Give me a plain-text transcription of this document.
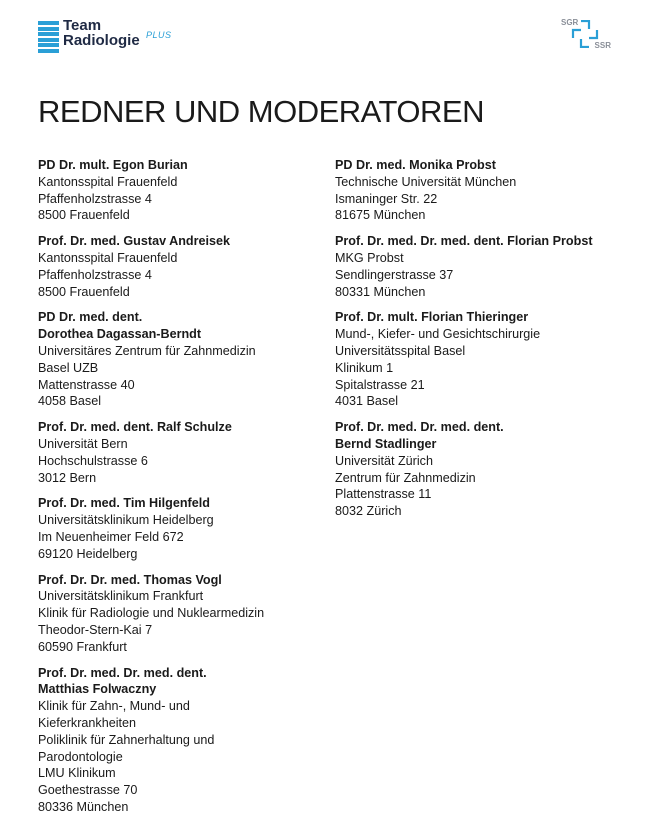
Team
Radiologie PLUS
SGR
SSR
REDNER UND MODERATOREN
PD Dr. mult. Egon Burian
Kantonsspital Frauenfeld
Pfaffenholzstrasse 4
8500 Frauenfeld
Prof. Dr. med. Gustav Andreisek
Kantonsspital Frauenfeld
Pfaffenholzstrasse 4
8500 Frauenfeld
PD Dr. med. dent.
Dorothea Dagassan-Berndt
Universitäres Zentrum für Zahnmedizin
Basel UZB
Mattenstrasse 40
4058 Basel
Prof. Dr. med. dent. Ralf Schulze
Universität Bern
Hochschulstrasse 6
3012 Bern
Prof. Dr. med. Tim Hilgenfeld
Universitätsklinikum Heidelberg
Im Neuenheimer Feld 672
69120 Heidelberg
Prof. Dr. Dr. med. Thomas Vogl
Universitätsklinikum Frankfurt
Klinik für Radiologie und Nuklearmedizin
Theodor-Stern-Kai 7
60590 Frankfurt
Prof. Dr. med. Dr. med. dent.
Matthias Folwaczny
Klinik für Zahn-, Mund- und
Kieferkrankheiten
Poliklinik für Zahnerhaltung und
Parodontologie
LMU Klinikum
Goethestrasse 70
80336 München
PD Dr. med. Monika Probst
Technische Universität München
Ismaninger Str. 22
81675 München
Prof. Dr. med. Dr. med. dent. Florian Probst
MKG Probst
Sendlingerstrasse 37
80331 München
Prof. Dr. mult. Florian Thieringer
Mund-, Kiefer- und Gesichtschirurgie
Universitätsspital Basel
Klinikum 1
Spitalstrasse 21
4031 Basel
Prof. Dr. med. Dr. med. dent.
Bernd Stadlinger
Universität Zürich
Zentrum für Zahnmedizin
Plattenstrasse 11
8032 Zürich
